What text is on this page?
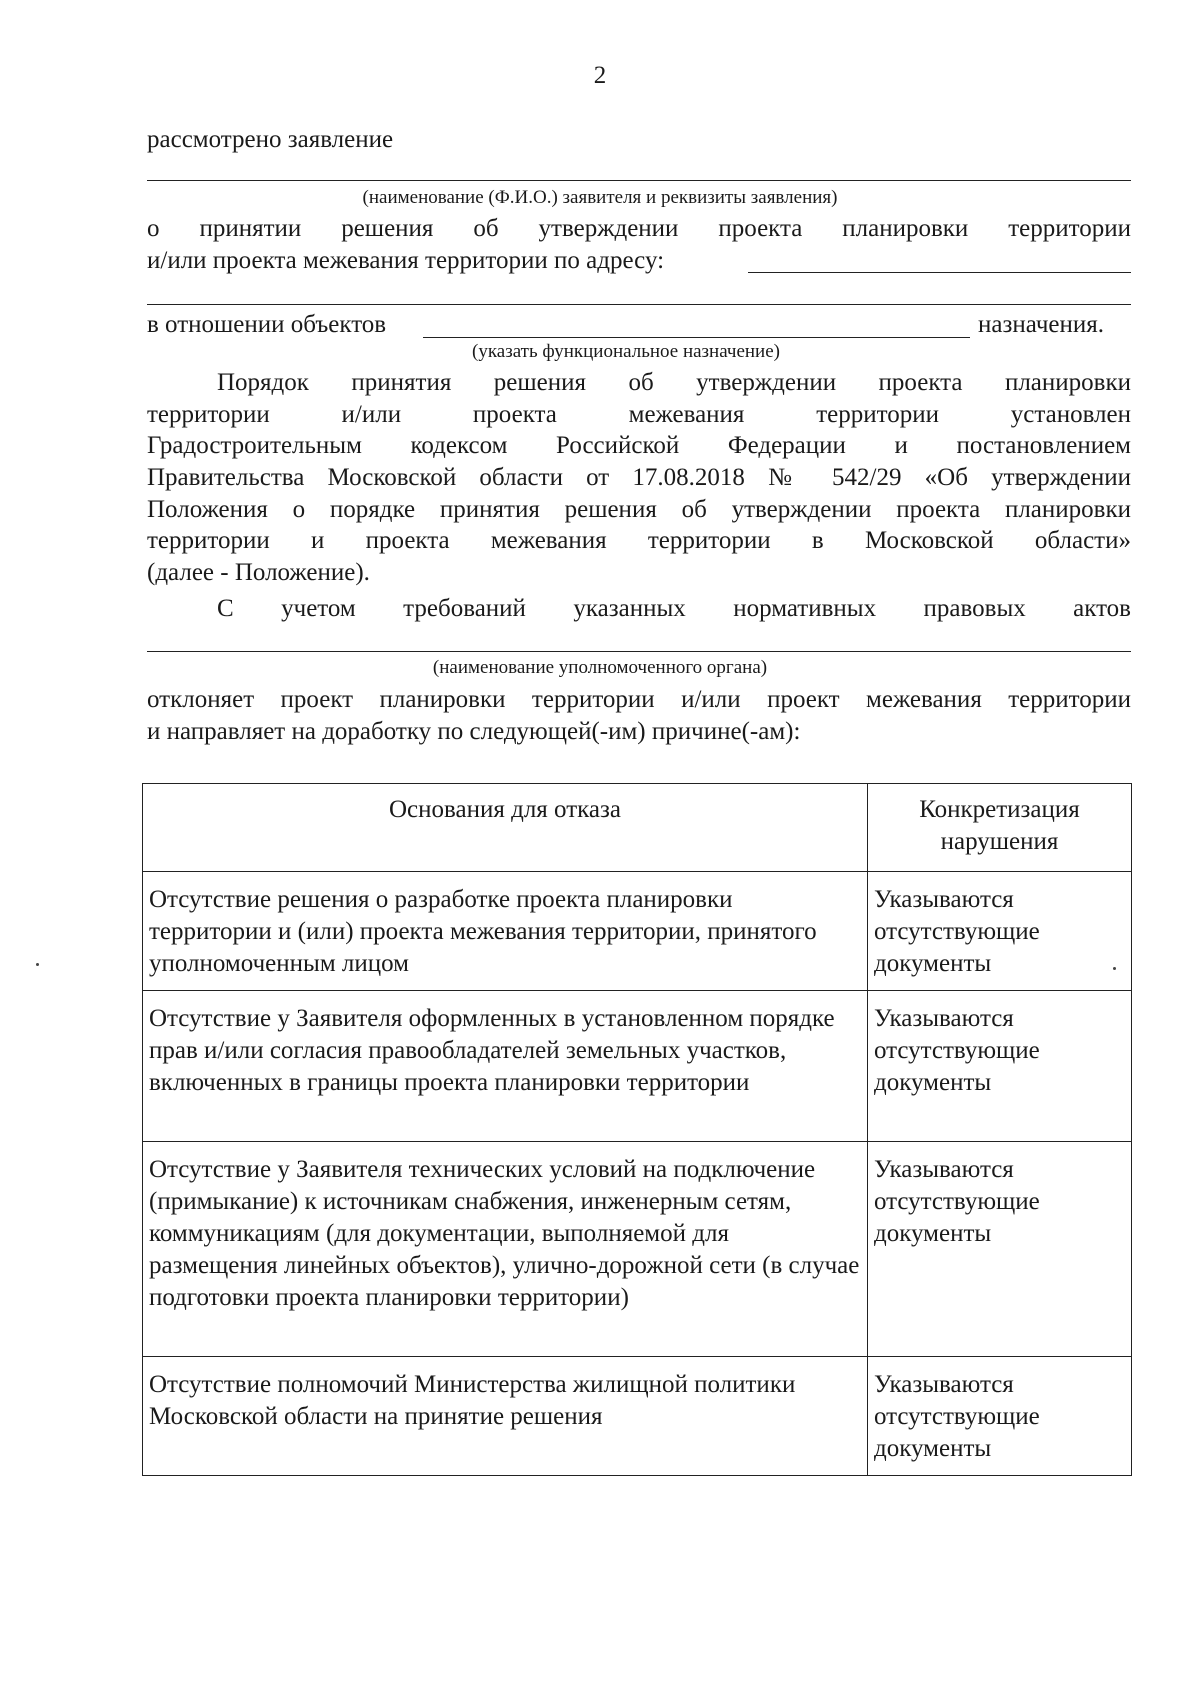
2
рассмотрено заявление
(наименование (Ф.И.О.) заявителя и реквизиты заявления)
о принятии решения об утверждении проекта планировки территории
и/или проекта межевания территории по адресу:
в отношении объектов	назначения.
(указать функциональное назначение)
Порядок принятия решения об утверждении проекта планировки
территории и/или проекта межевания территории установлен
Градостроительным кодексом Российской Федерации и постановлением
Правительства Московской области от 17.08.2018 № 542/29 «Об утверждении
Положения о порядке принятия решения об утверждении проекта планировки
территории и проекта межевания территории в Московской области»
(далее - Положение).
С учетом требований указанных нормативных правовых актов
(наименование уполномоченного органа)
отклоняет проект планировки территории и/или проект межевания территории
и направляет на доработку по следующей(-им) причине(-ам):
Основания для отказа	Конкретизация нарушения
Отсутствие решения о разработке проекта планировки территории и (или) проекта межевания территории, принятого уполномоченным лицом	Указываются отсутствующие документы
Отсутствие у Заявителя оформленных в установленном порядке прав и/или согласия правообладателей земельных участков, включенных в границы проекта планировки территории	Указываются отсутствующие документы
Отсутствие у Заявителя технических условий на подключение (примыкание) к источникам снабжения, инженерным сетям, коммуникациям (для документации, выполняемой для размещения линейных объектов), улично-дорожной сети (в случае подготовки проекта планировки территории)	Указываются отсутствующие документы
Отсутствие полномочий Министерства жилищной политики Московской области на принятие решения	Указываются отсутствующие документы
